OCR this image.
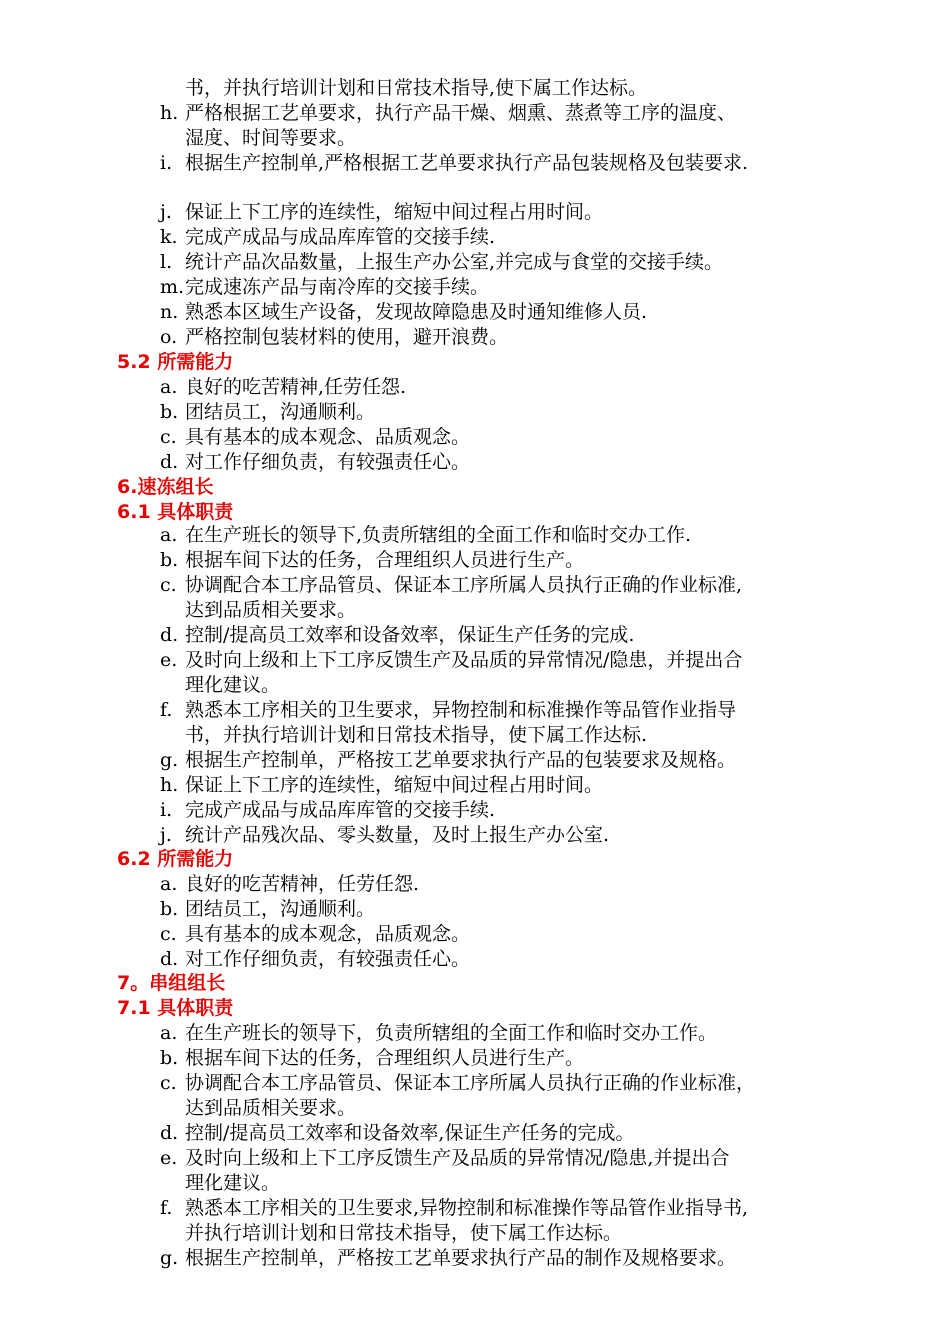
书，并执行培训计划和日常技术指导,使下属工作达标。
h. 严格根据工艺单要求，执行产品干燥、烟熏、蒸煮等工序的温度、
湿度、时间等要求。
i. 根据生产控制单,严格根据工艺单要求执行产品包装规格及包装要求.
j. 保证上下工序的连续性，缩短中间过程占用时间。
k. 完成产成品与成品库库管的交接手续.
l. 统计产品次品数量，上报生产办公室,并完成与食堂的交接手续。
m.完成速冻产品与南冷库的交接手续。
n. 熟悉本区域生产设备，发现故障隐患及时通知维修人员.
o. 严格控制包装材料的使用，避开浪费。
5.2 所需能力
a. 良好的吃苦精神,任劳任怨.
b. 团结员工，沟通顺利。
c. 具有基本的成本观念、品质观念。
d. 对工作仔细负责，有较强责任心。
6.速冻组长
6.1 具体职责
a. 在生产班长的领导下,负责所辖组的全面工作和临时交办工作.
b. 根据车间下达的任务，合理组织人员进行生产。
c. 协调配合本工序品管员、保证本工序所属人员执行正确的作业标准,
达到品质相关要求。
d. 控制/提高员工效率和设备效率，保证生产任务的完成.
e. 及时向上级和上下工序反馈生产及品质的异常情况/隐患，并提出合
理化建议。
f. 熟悉本工序相关的卫生要求，异物控制和标准操作等品管作业指导
书，并执行培训计划和日常技术指导，使下属工作达标.
g. 根据生产控制单，严格按工艺单要求执行产品的包装要求及规格。
h. 保证上下工序的连续性，缩短中间过程占用时间。
i. 完成产成品与成品库库管的交接手续.
j. 统计产品残次品、零头数量，及时上报生产办公室.
6.2 所需能力
a. 良好的吃苦精神，任劳任怨.
b. 团结员工，沟通顺利。
c. 具有基本的成本观念，品质观念。
d. 对工作仔细负责，有较强责任心。
7。串组组长
7.1 具体职责
a. 在生产班长的领导下，负责所辖组的全面工作和临时交办工作。
b. 根据车间下达的任务，合理组织人员进行生产。
c. 协调配合本工序品管员、保证本工序所属人员执行正确的作业标准，
达到品质相关要求。
d. 控制/提高员工效率和设备效率,保证生产任务的完成。
e. 及时向上级和上下工序反馈生产及品质的异常情况/隐患,并提出合
理化建议。
f. 熟悉本工序相关的卫生要求,异物控制和标准操作等品管作业指导书,
并执行培训计划和日常技术指导，使下属工作达标。
g. 根据生产控制单，严格按工艺单要求执行产品的制作及规格要求。
